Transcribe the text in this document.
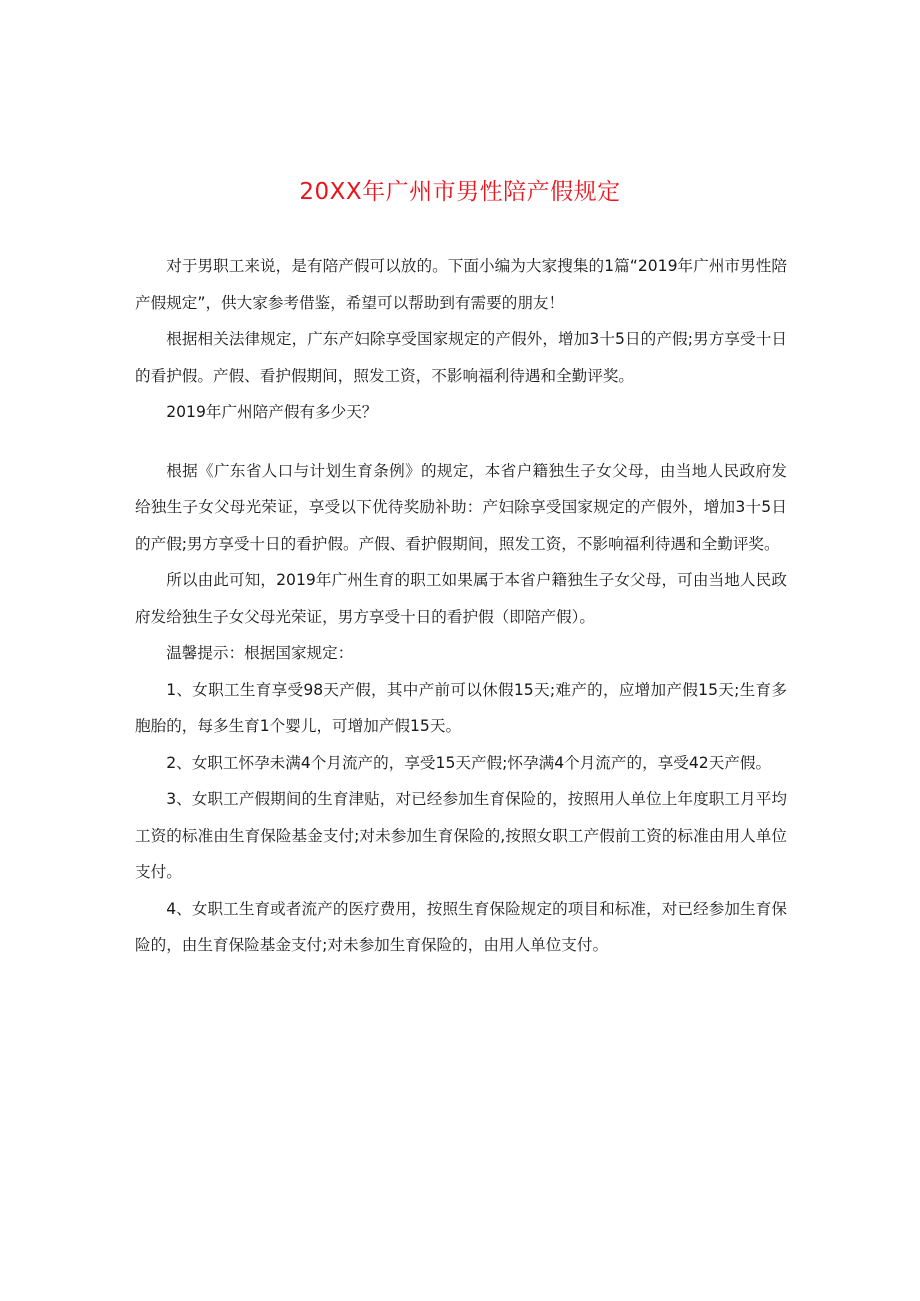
20XX年广州市男性陪产假规定

对于男职工来说，是有陪产假可以放的。下面小编为大家搜集的1篇“2019年广州市男性陪产假规定”，供大家参考借鉴，希望可以帮助到有需要的朋友！

根据相关法律规定，广东产妇除享受国家规定的产假外，增加3十5日的产假;男方享受十日的看护假。产假、看护假期间，照发工资，不影响福利待遇和全勤评奖。

2019年广州陪产假有多少天？

根据《广东省人口与计划生育条例》的规定，本省户籍独生子女父母，由当地人民政府发给独生子女父母光荣证，享受以下优待奖励补助：产妇除享受国家规定的产假外，增加3十5日的产假;男方享受十日的看护假。产假、看护假期间，照发工资，不影响福利待遇和全勤评奖。

所以由此可知，2019年广州生育的职工如果属于本省户籍独生子女父母，可由当地人民政府发给独生子女父母光荣证，男方享受十日的看护假（即陪产假）。

温馨提示：根据国家规定：

1、女职工生育享受98天产假，其中产前可以休假15天;难产的，应增加产假15天;生育多胞胎的，每多生育1个婴儿，可增加产假15天。

2、女职工怀孕未满4个月流产的，享受15天产假;怀孕满4个月流产的，享受42天产假。

3、女职工产假期间的生育津贴，对已经参加生育保险的，按照用人单位上年度职工月平均工资的标准由生育保险基金支付;对未参加生育保险的,按照女职工产假前工资的标准由用人单位支付。

4、女职工生育或者流产的医疗费用，按照生育保险规定的项目和标准，对已经参加生育保险的，由生育保险基金支付;对未参加生育保险的，由用人单位支付。
